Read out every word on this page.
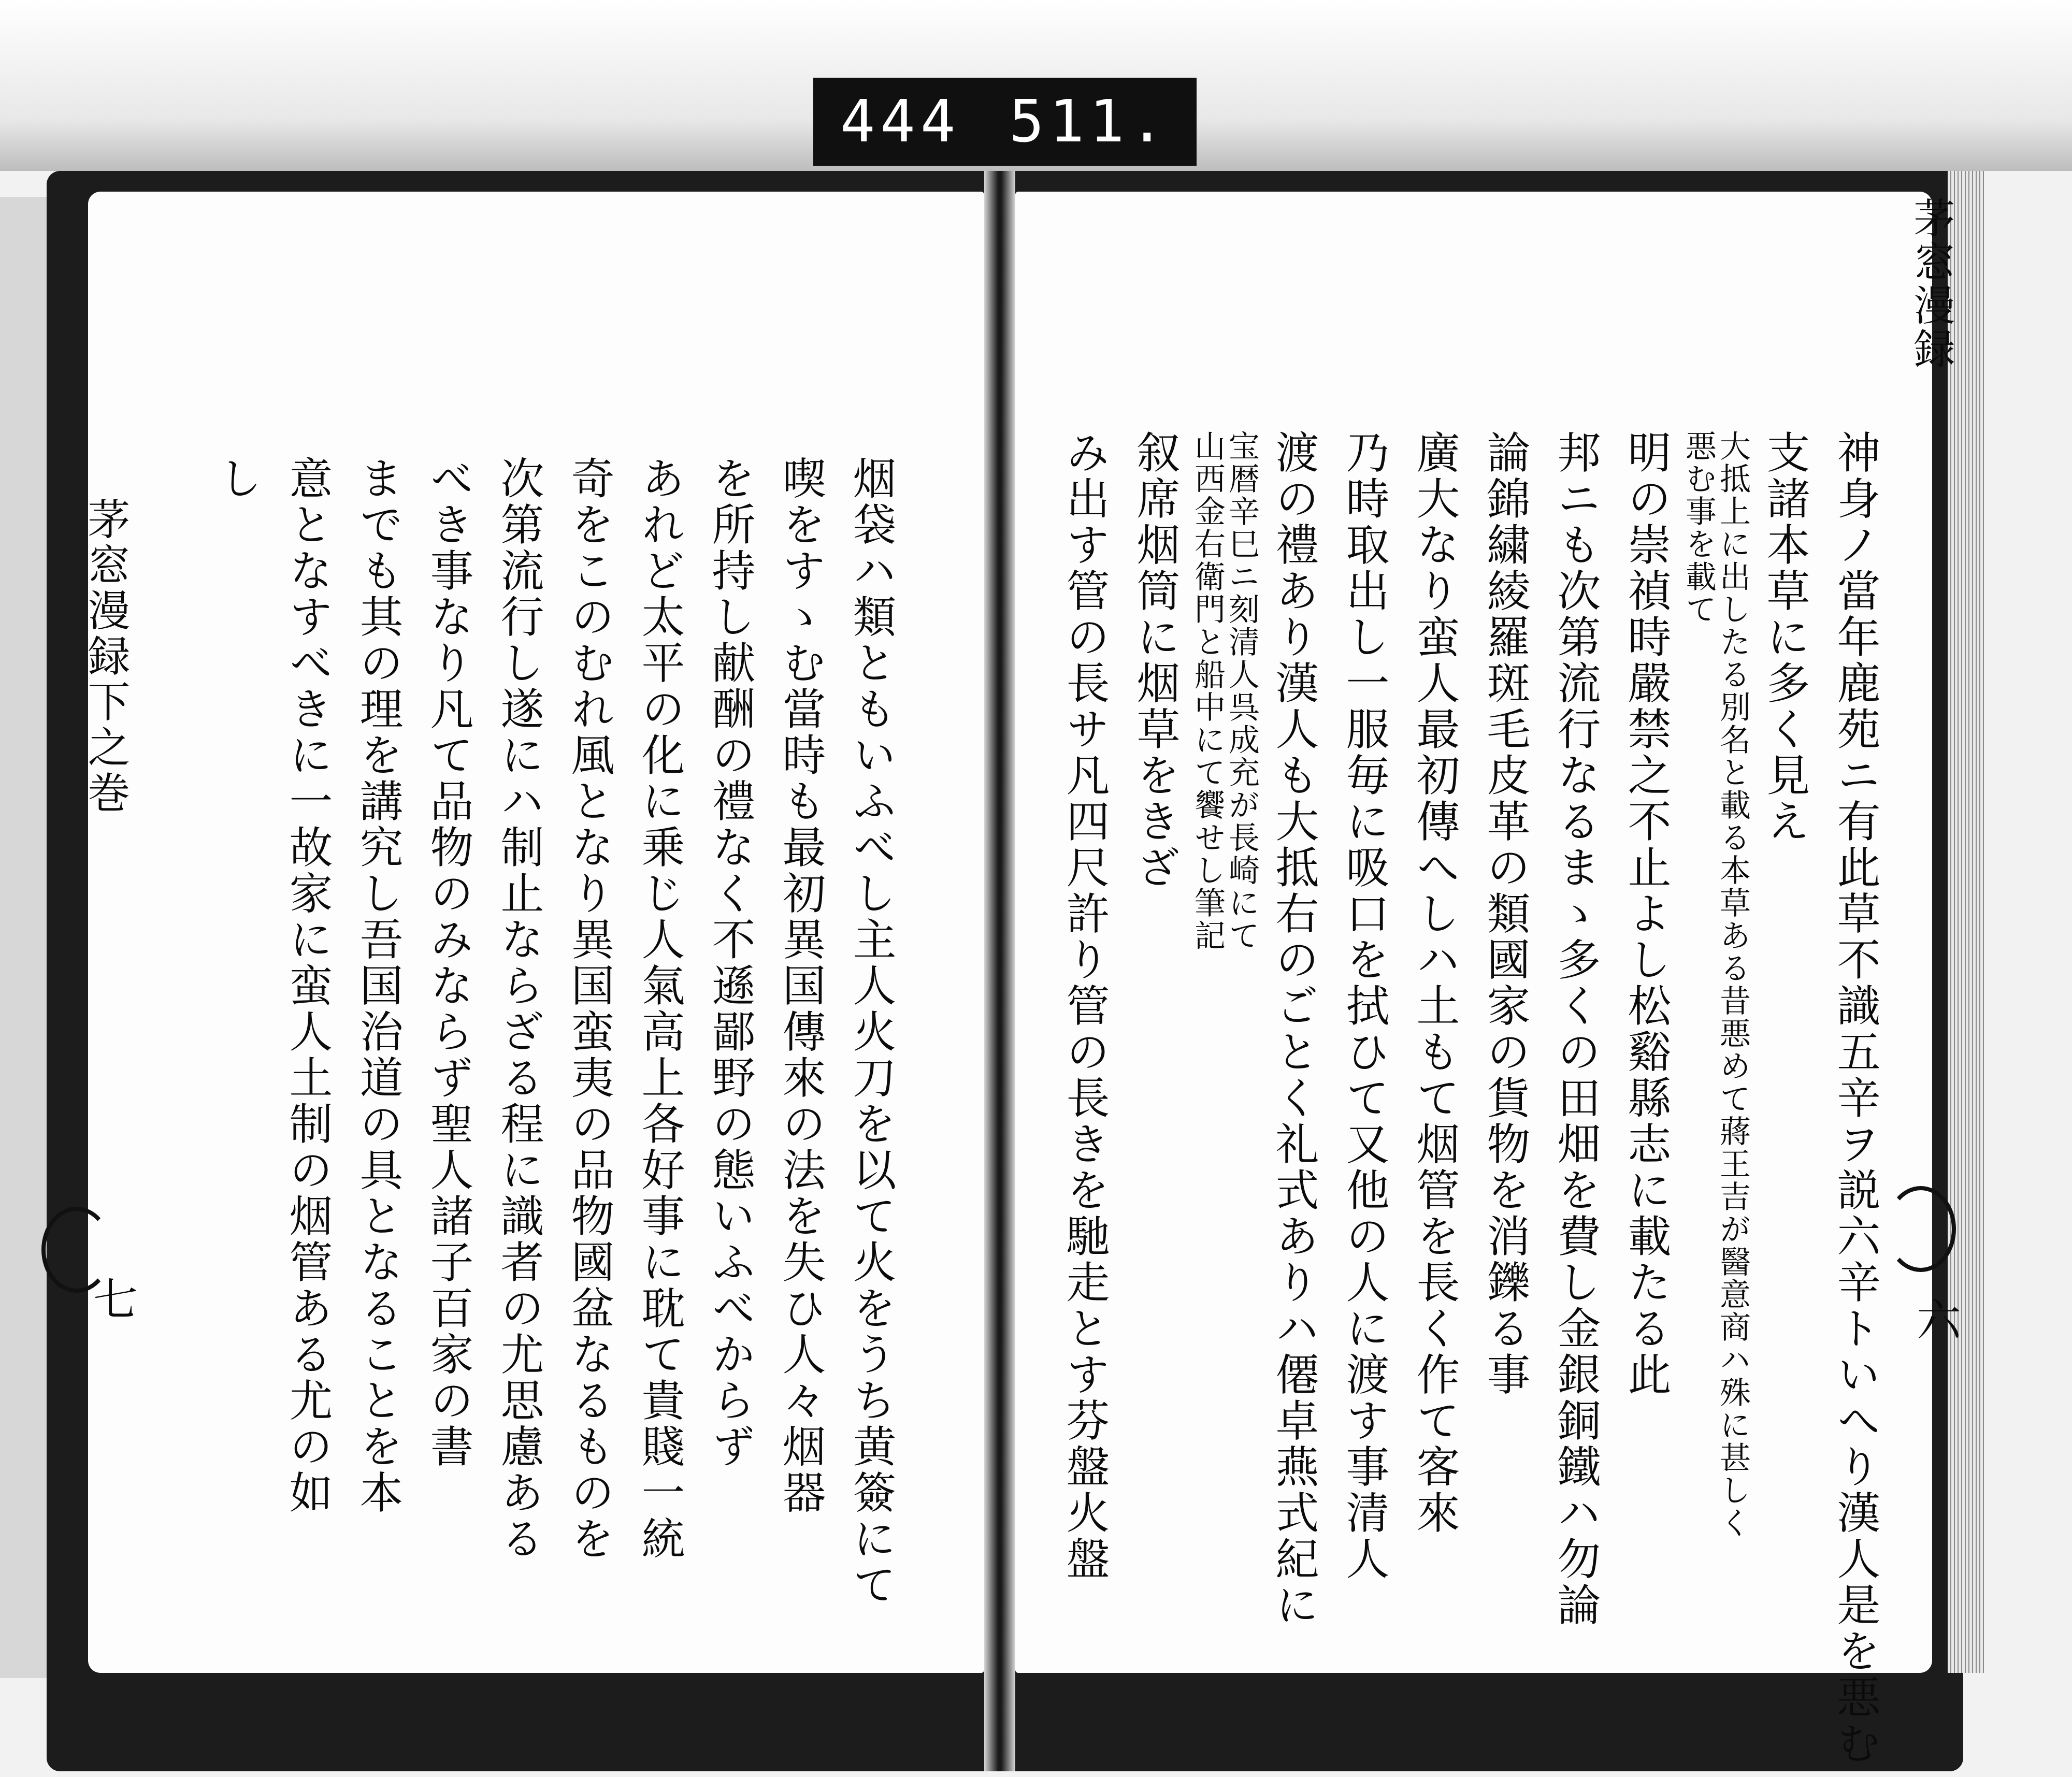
444 511.
茅窓漫録下之巻
七	烟袋ハ類ともいふべし主人火刀を以て火をうち黄簽にて

喫をすゝむ當時も最初異国傳來の法を失ひ人々烟器

を所持し献酬の禮なく不遜鄙野の態いふべからず

あれど太平の化に乗じ人氣高上各好事に耽て貴賤一統

奇をこのむれ風となり異国蛮夷の品物國盆なるものを

次第流行し遂にハ制止ならざる程に識者の尤思慮ある

べき事なり凡て品物のみならず聖人諸子百家の書

までも其の理を講究し吾国治道の具となることを本

意となすべきに一故家に蛮人土制の烟管ある尤の如

し

茅窓漫録
六

神身ノ當年鹿苑ニ有此草不識五辛ヲ説六辛トいへり漢人是を悪む

支諸本草に多く見え

大抵上に出したる別名と載る本草ある昔悪めて蔣王吉が醫意商ハ殊に甚しく

悪む事を載て

明の崇禎時嚴禁之不止よし松谿縣志に載たる此

邦ニも次第流行なるまゝ多くの田畑を費し金銀銅鐵ハ勿論

論錦繍綾羅斑毛皮革の類國家の貨物を消鑠る事

廣大なり蛮人最初傳へしハ土もて烟管を長く作て客來

乃時取出し一服毎に吸口を拭ひて又他の人に渡す事清人

渡の禮あり漢人も大抵右のごとく礼式ありハ僊卓燕式紀に

宝暦辛巳ニ刻清人呉成充が長崎にて

山西金右衛門と船中にて饗せし筆記

叙席烟筒に烟草をきざ

み出す管の長サ凡四尺許り管の長きを馳走とす芬盤火盤
